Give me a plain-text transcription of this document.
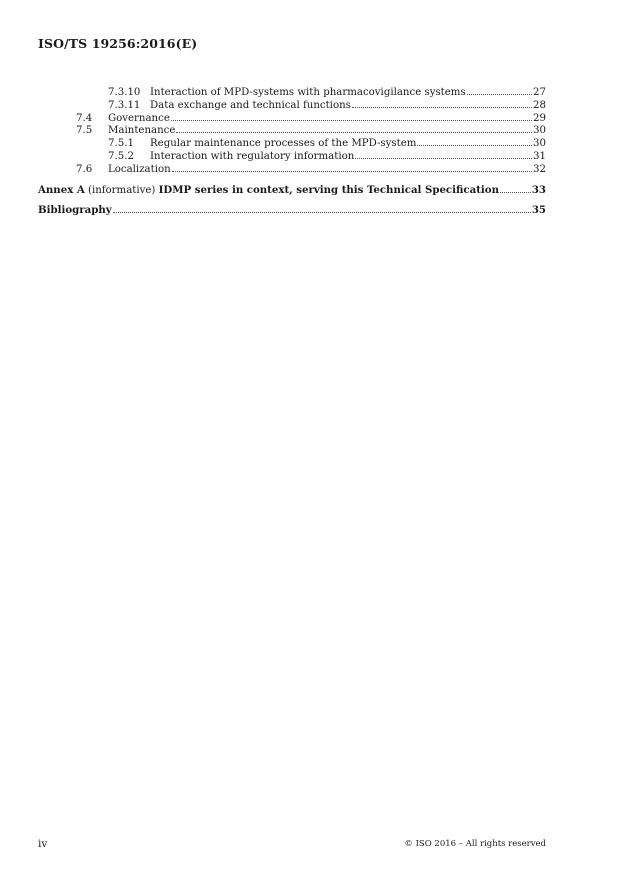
ISO/TS 19256:2016(E)
7.3.10 Interaction of MPD-systems with pharmacovigilance systems	27
7.3.11 Data exchange and technical functions	28
7.4 Governance	29
7.5 Maintenance	30
7.5.1 Regular maintenance processes of the MPD-system	30
7.5.2 Interaction with regulatory information	31
7.6 Localization	32
Annex A (informative) IDMP series in context, serving this Technical Specification	33
Bibliography	35
iv	© ISO 2016 – All rights reserved
